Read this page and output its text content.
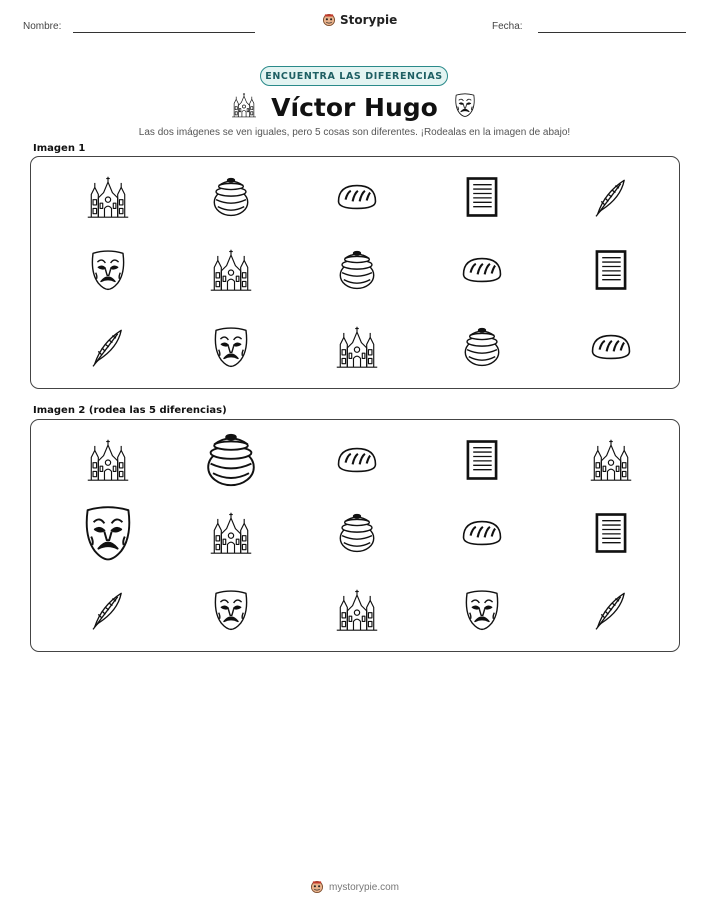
Nombre:	Storypie	Fecha:
ENCUENTRA LAS DIFERENCIAS
Víctor Hugo
Las dos imágenes se ven iguales, pero 5 cosas son diferentes. ¡Rodealas en la imagen de abajo!
Imagen 1
Imagen 2 (rodea las 5 diferencias)
mystorypie.com
